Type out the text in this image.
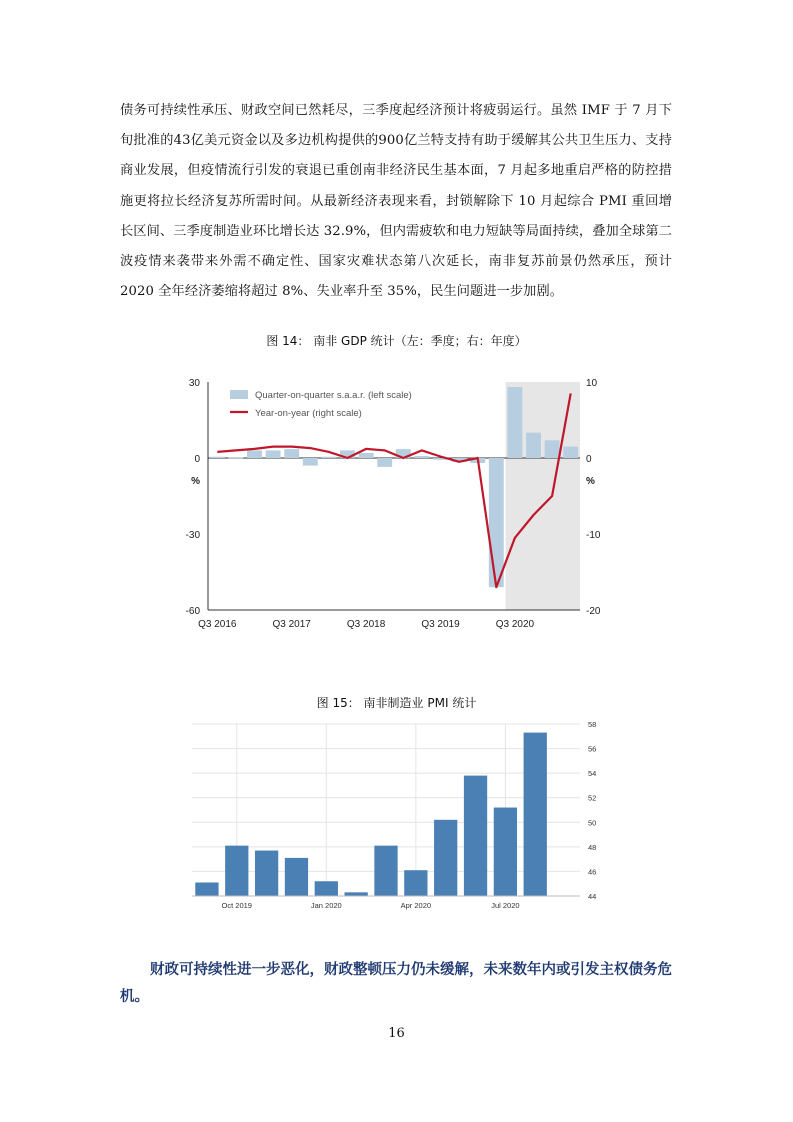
债务可持续性承压、财政空间已然耗尽，三季度起经济预计将疲弱运行。虽然 IMF 于 7 月下旬批准的43亿美元资金以及多边机构提供的900亿兰特支持有助于缓解其公共卫生压力、支持商业发展，但疫情流行引发的衰退已重创南非经济民生基本面，7 月起多地重启严格的防控措施更将拉长经济复苏所需时间。从最新经济表现来看，封锁解除下 10 月起综合 PMI 重回增长区间、三季度制造业环比增长达 32.9%，但内需疲软和电力短缺等局面持续，叠加全球第二波疫情来袭带来外需不确定性、国家灾难状态第八次延长，南非复苏前景仍然承压，预计 2020 全年经济萎缩将超过 8%、失业率升至 35%，民生问题进一步加剧。

图 14： 南非 GDP 统计（左：季度；右：年度）
30
0
-30
-60
%
10
0
-10
-20
%
Q3 2016	Q3 2017	Q3 2018	Q3 2019	Q3 2020
Quarter-on-quarter s.a.a.r. (left scale)
Year-on-year (right scale)
图 15： 南非制造业 PMI 统计
58
56
54
52
50
48
46
44
Oct 2019	Jan 2020	Apr 2020	Jul 2020

财政可持续性进一步恶化，财政整顿压力仍未缓解，未来数年内或引发主权债务危机。

16
